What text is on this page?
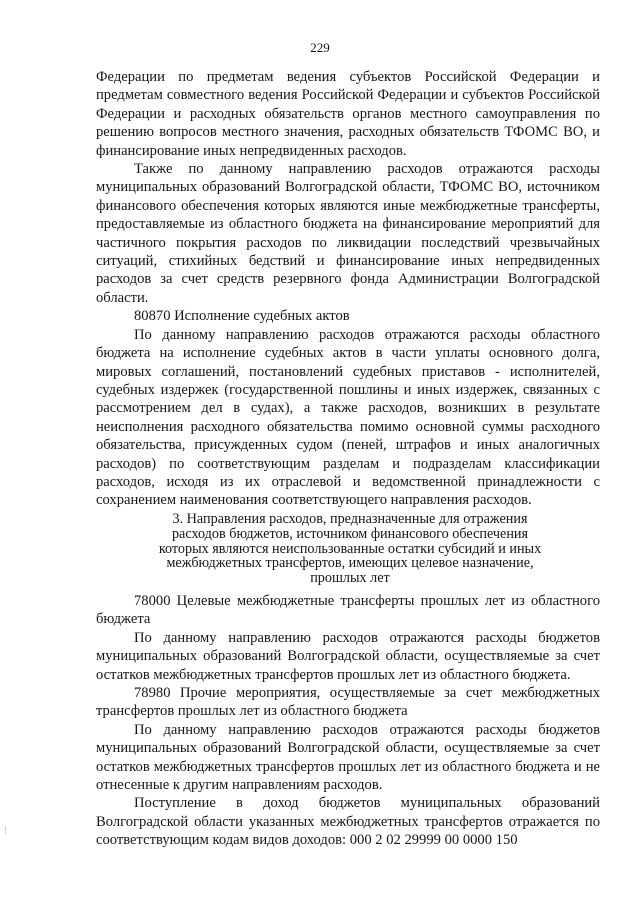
229

Федерации по предметам ведения субъектов Российской Федерации и предметам совместного ведения Российской Федерации и субъектов Российской Федерации и расходных обязательств органов местного самоуправления по решению вопросов местного значения, расходных обязательств ТФОМС ВО, и финансирование иных непредвиденных расходов.

Также по данному направлению расходов отражаются расходы муниципальных образований Волгоградской области, ТФОМС ВО, источником финансового обеспечения которых являются иные межбюджетные трансферты, предоставляемые из областного бюджета на финансирование мероприятий для частичного покрытия расходов по ликвидации последствий чрезвычайных ситуаций, стихийных бедствий и финансирование иных непредвиденных расходов за счет средств резервного фонда Администрации Волгоградской области.

80870 Исполнение судебных актов

По данному направлению расходов отражаются расходы областного бюджета на исполнение судебных актов в части уплаты основного долга, мировых соглашений, постановлений судебных приставов - исполнителей, судебных издержек (государственной пошлины и иных издержек, связанных с рассмотрением дел в судах), а также расходов, возникших в результате неисполнения расходного обязательства помимо основной суммы расходного обязательства, присужденных судом (пеней, штрафов и иных аналогичных расходов) по соответствующим разделам и подразделам классификации расходов, исходя из их отраслевой и ведомственной принадлежности с сохранением наименования соответствующего направления расходов.

3. Направления расходов, предназначенные для отражения расходов бюджетов, источником финансового обеспечения которых являются неиспользованные остатки субсидий и иных межбюджетных трансфертов, имеющих целевое назначение, прошлых лет

78000 Целевые межбюджетные трансферты прошлых лет из областного бюджета

По данному направлению расходов отражаются расходы бюджетов муниципальных образований Волгоградской области, осуществляемые за счет остатков межбюджетных трансфертов прошлых лет из областного бюджета.

78980 Прочие мероприятия, осуществляемые за счет межбюджетных трансфертов прошлых лет из областного бюджета

По данному направлению расходов отражаются расходы бюджетов муниципальных образований Волгоградской области, осуществляемые за счет остатков межбюджетных трансфертов прошлых лет из областного бюджета и не отнесенные к другим направлениям расходов.

Поступление в доход бюджетов муниципальных образований Волгоградской области указанных межбюджетных трансфертов отражается по соответствующим кодам видов доходов: 000 2 02 29999 00 0000 150
